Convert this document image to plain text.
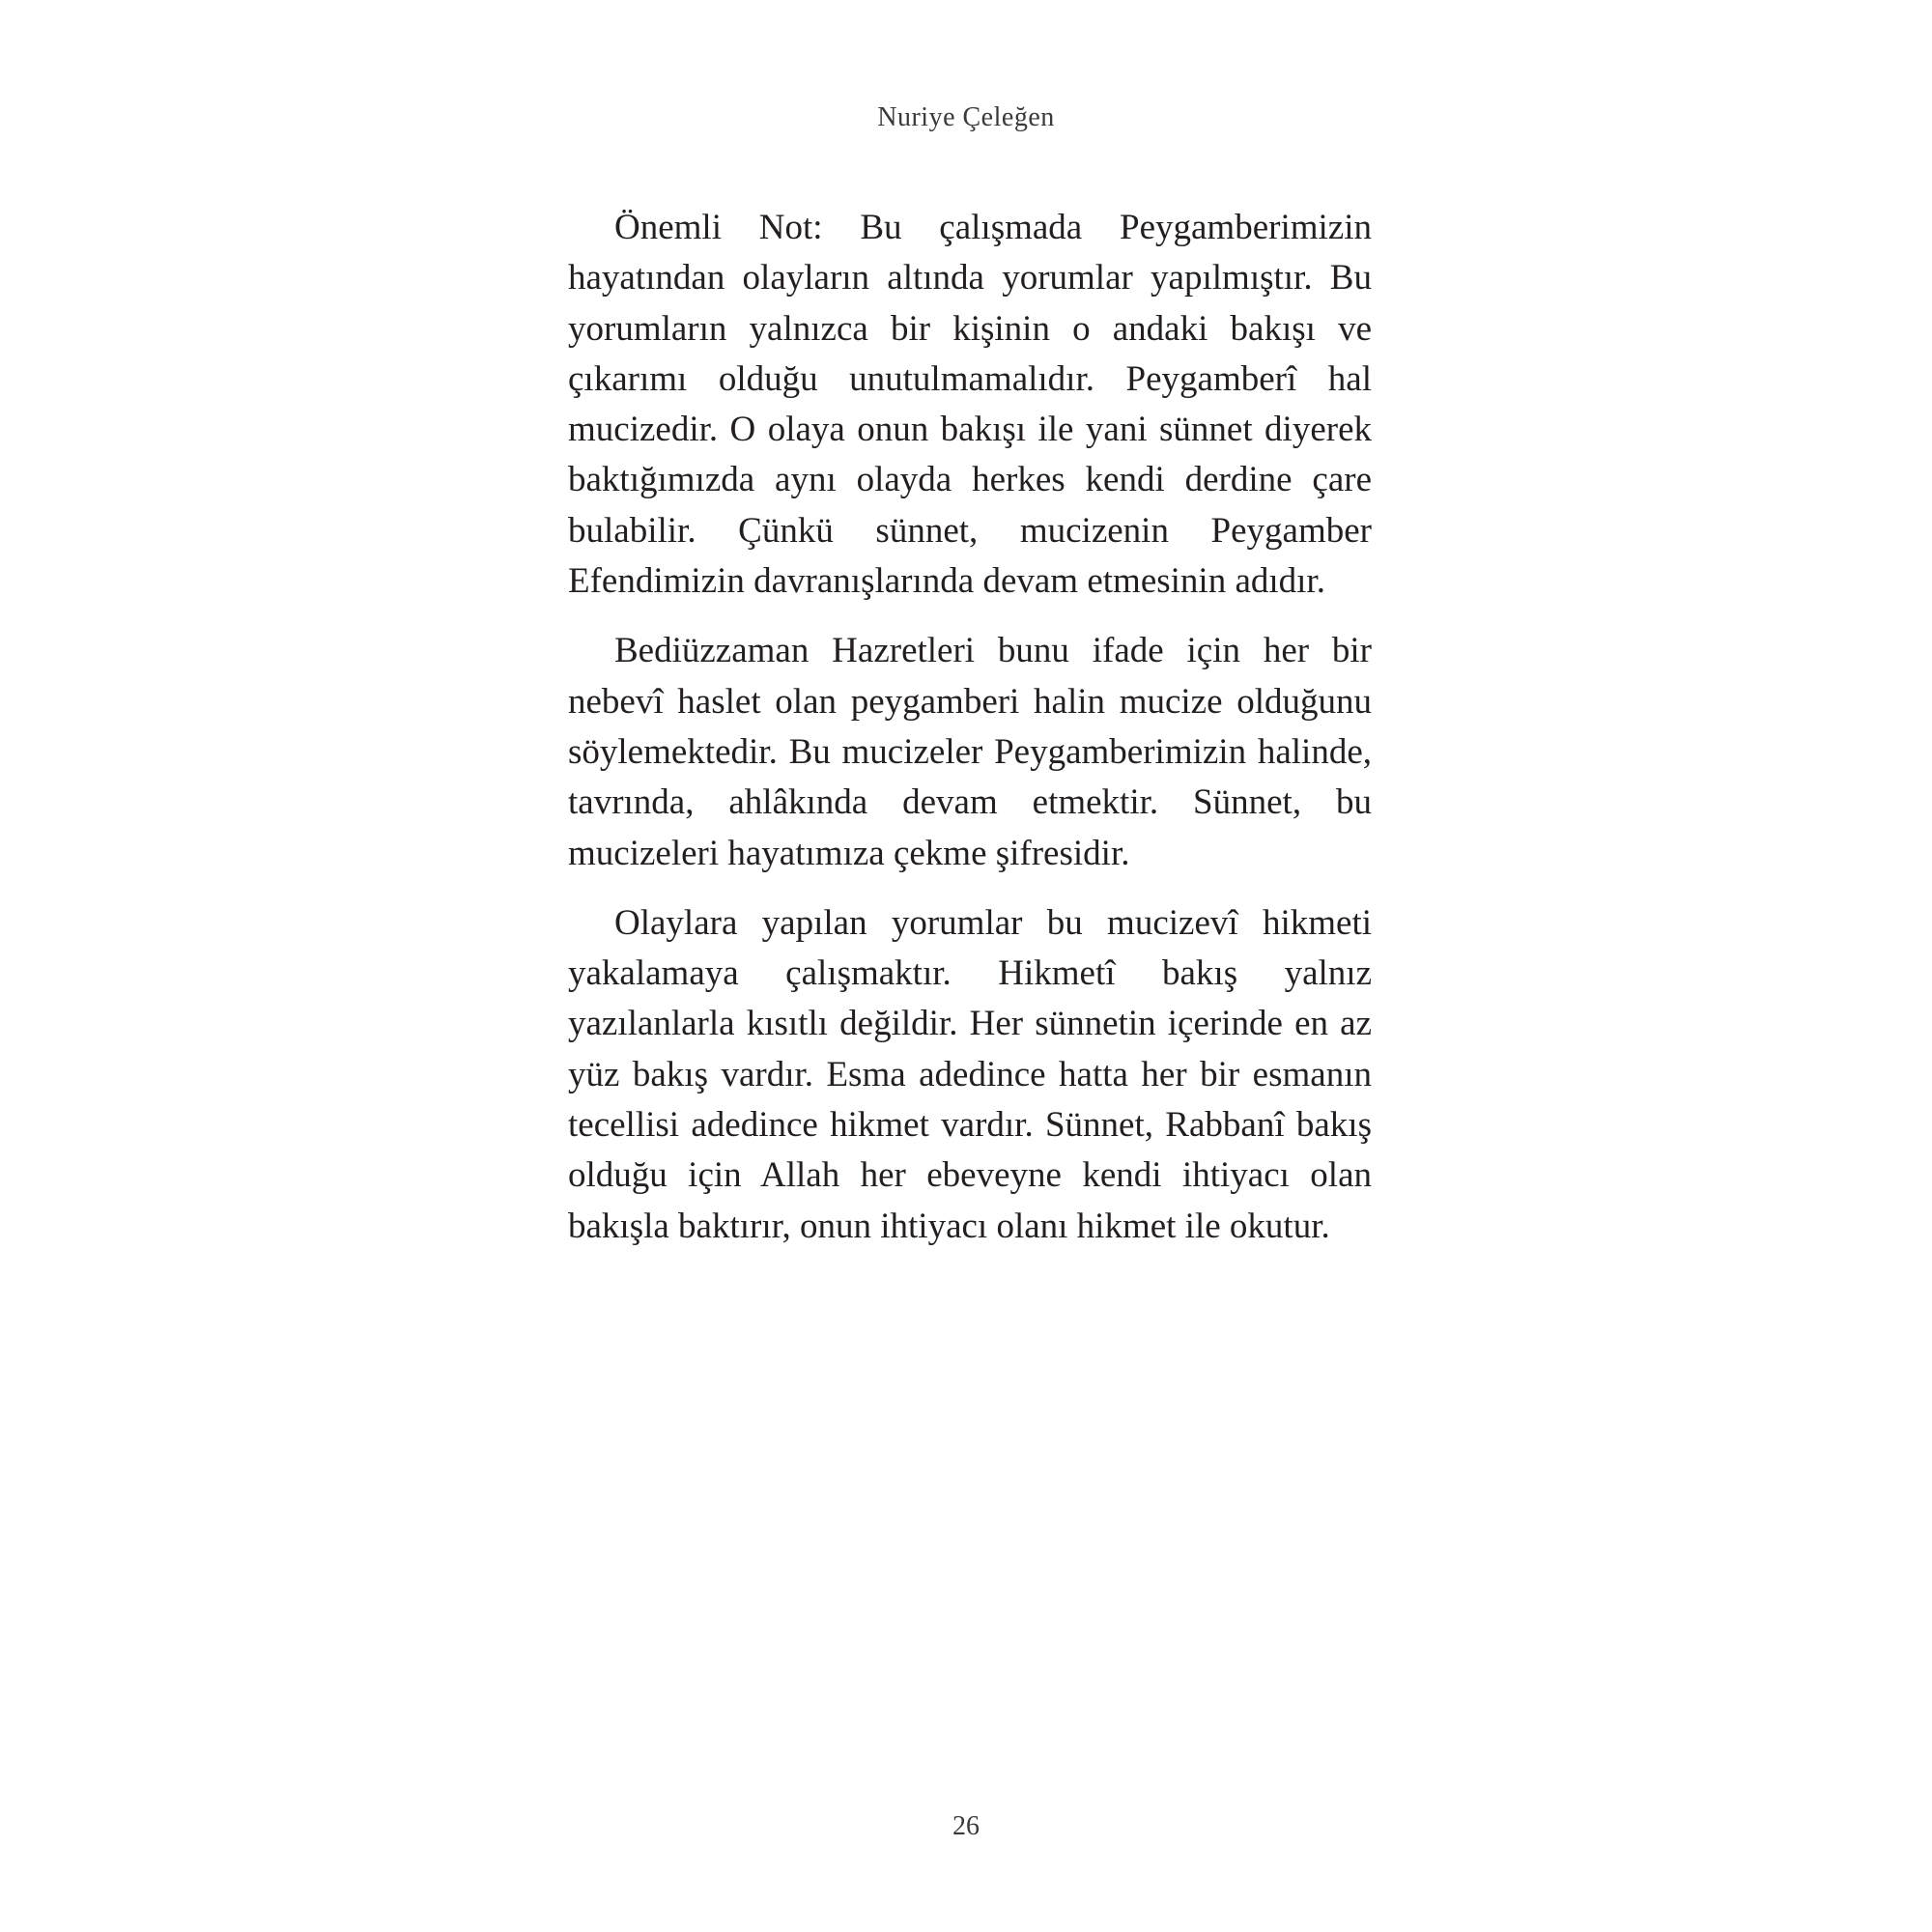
Nuriye Çeleğen

Önemli Not: Bu çalışmada Peygamberimizin hayatından olayların altında yorumlar yapılmıştır. Bu yorumların yalnızca bir kişinin o andaki bakışı ve çıkarımı olduğu unutulmamalıdır. Peygamberî hal mucizedir. O olaya onun bakışı ile yani sünnet diyerek baktığımızda aynı olayda herkes kendi derdine çare bulabilir. Çünkü sünnet, mucizenin Peygamber Efendimizin davranışlarında devam etmesinin adıdır.

Bediüzzaman Hazretleri bunu ifade için her bir nebevî haslet olan peygamberi halin mucize olduğunu söylemektedir. Bu mucizeler Peygamberimizin halinde, tavrında, ahlâkında devam etmektir. Sünnet, bu mucizeleri hayatımıza çekme şifresidir.

Olaylara yapılan yorumlar bu mucizevî hikmeti yakalamaya çalışmaktır. Hikmetî bakış yalnız yazılanlarla kısıtlı değildir. Her sünnetin içerinde en az yüz bakış vardır. Esma adedince hatta her bir esmanın tecellisi adedince hikmet vardır. Sünnet, Rabbanî bakış olduğu için Allah her ebeveyne kendi ihtiyacı olan bakışla baktırır, onun ihtiyacı olanı hikmet ile okutur.

26
